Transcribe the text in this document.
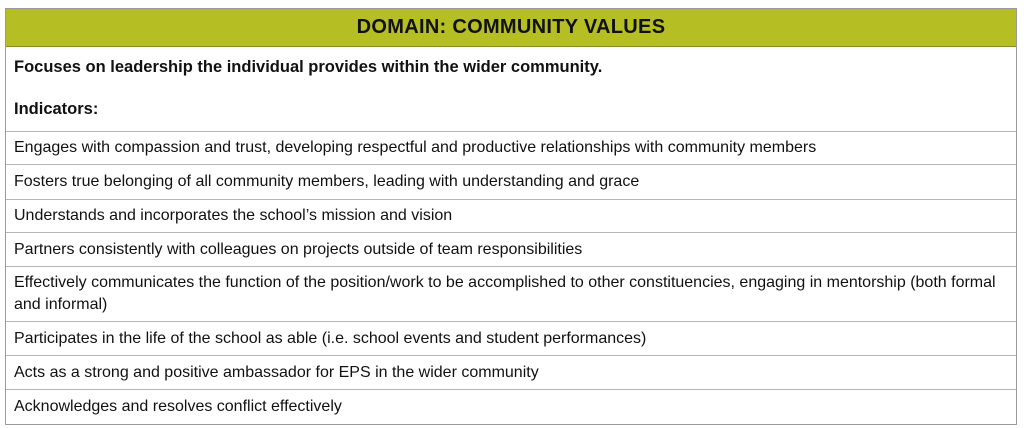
DOMAIN: COMMUNITY VALUES
Focuses on leadership the individual provides within the wider community.
Indicators:
Engages with compassion and trust, developing respectful and productive relationships with community members
Fosters true belonging of all community members, leading with understanding and grace
Understands and incorporates the school’s mission and vision
Partners consistently with colleagues on projects outside of team responsibilities
Effectively communicates the function of the position/work to be accomplished to other constituencies, engaging in mentorship (both formal and informal)
Participates in the life of the school as able (i.e. school events and student performances)
Acts as a strong and positive ambassador for EPS in the wider community
Acknowledges and resolves conflict effectively
